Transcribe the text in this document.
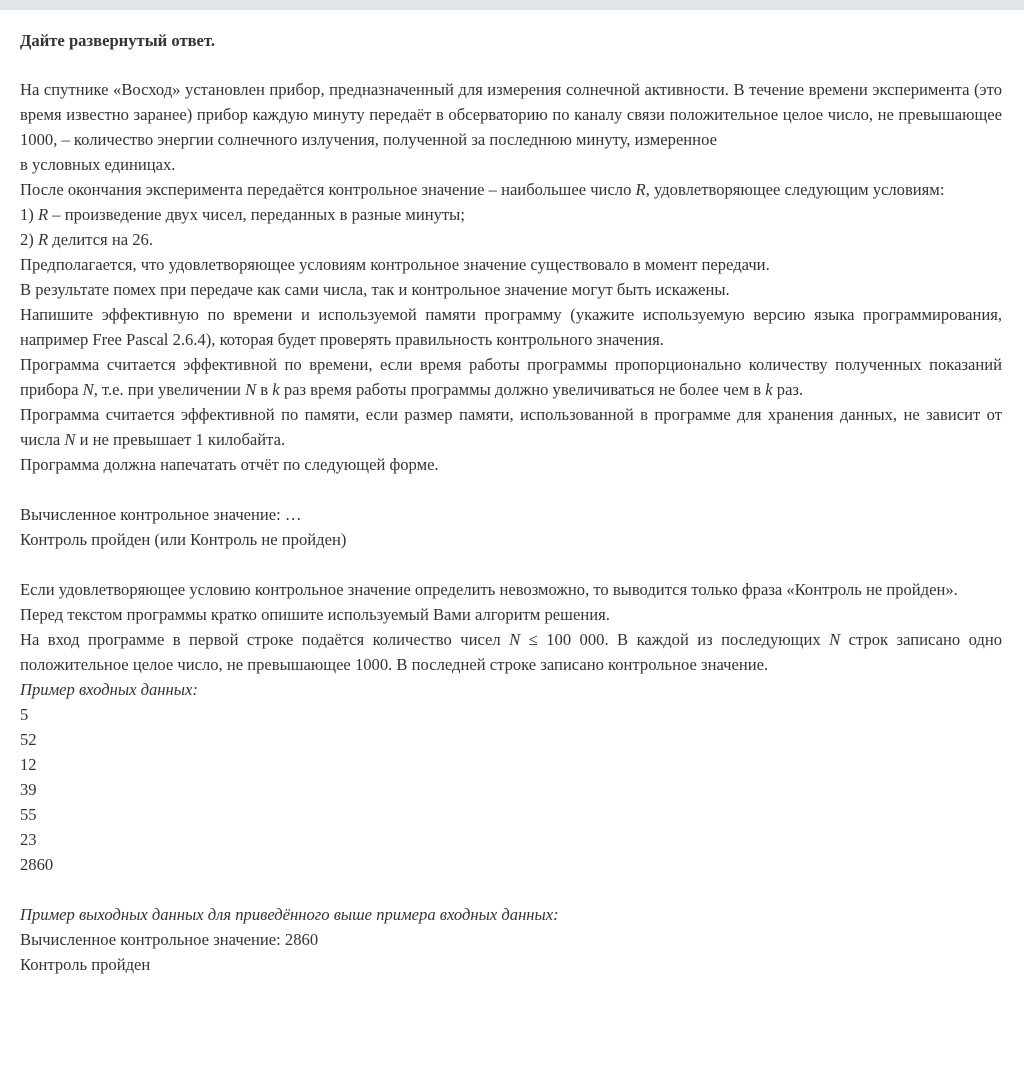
Дайте развернутый ответ.
На спутнике «Восход» установлен прибор, предназначенный для измерения солнечной активности. В течение времени эксперимента (это время известно заранее) прибор каждую минуту передаёт в обсерваторию по каналу связи положительное целое число, не превышающее 1000, – количество энергии солнечного излучения, полученной за последнюю минуту, измеренное
в условных единицах.
После окончания эксперимента передаётся контрольное значение – наибольшее число R, удовлетворяющее следующим условиям:
1) R – произведение двух чисел, переданных в разные минуты;
2) R делится на 26.
Предполагается, что удовлетворяющее условиям контрольное значение существовало в момент передачи.
В результате помех при передаче как сами числа, так и контрольное значение могут быть искажены.
Напишите эффективную по времени и используемой памяти программу (укажите используемую версию языка программирования, например Free Pascal 2.6.4), которая будет проверять правильность контрольного значения.
Программа считается эффективной по времени, если время работы программы пропорционально количеству полученных показаний прибора N, т.е. при увеличении N в k раз время работы программы должно увеличиваться не более чем в k раз.
Программа считается эффективной по памяти, если размер памяти, использованной в программе для хранения данных, не зависит от числа N и не превышает 1 килобайта.
Программа должна напечатать отчёт по следующей форме.
Вычисленное контрольное значение: …
Контроль пройден (или Контроль не пройден)
Если удовлетворяющее условию контрольное значение определить невозможно, то выводится только фраза «Контроль не пройден».
Перед текстом программы кратко опишите используемый Вами алгоритм решения.
На вход программе в первой строке подаётся количество чисел N ≤ 100 000. В каждой из последующих N строк записано одно положительное целое число, не превышающее 1000. В последней строке записано контрольное значение.
Пример входных данных:
5
52
12
39
55
23
2860
Пример выходных данных для приведённого выше примера входных данных:
Вычисленное контрольное значение: 2860
Контроль пройден
